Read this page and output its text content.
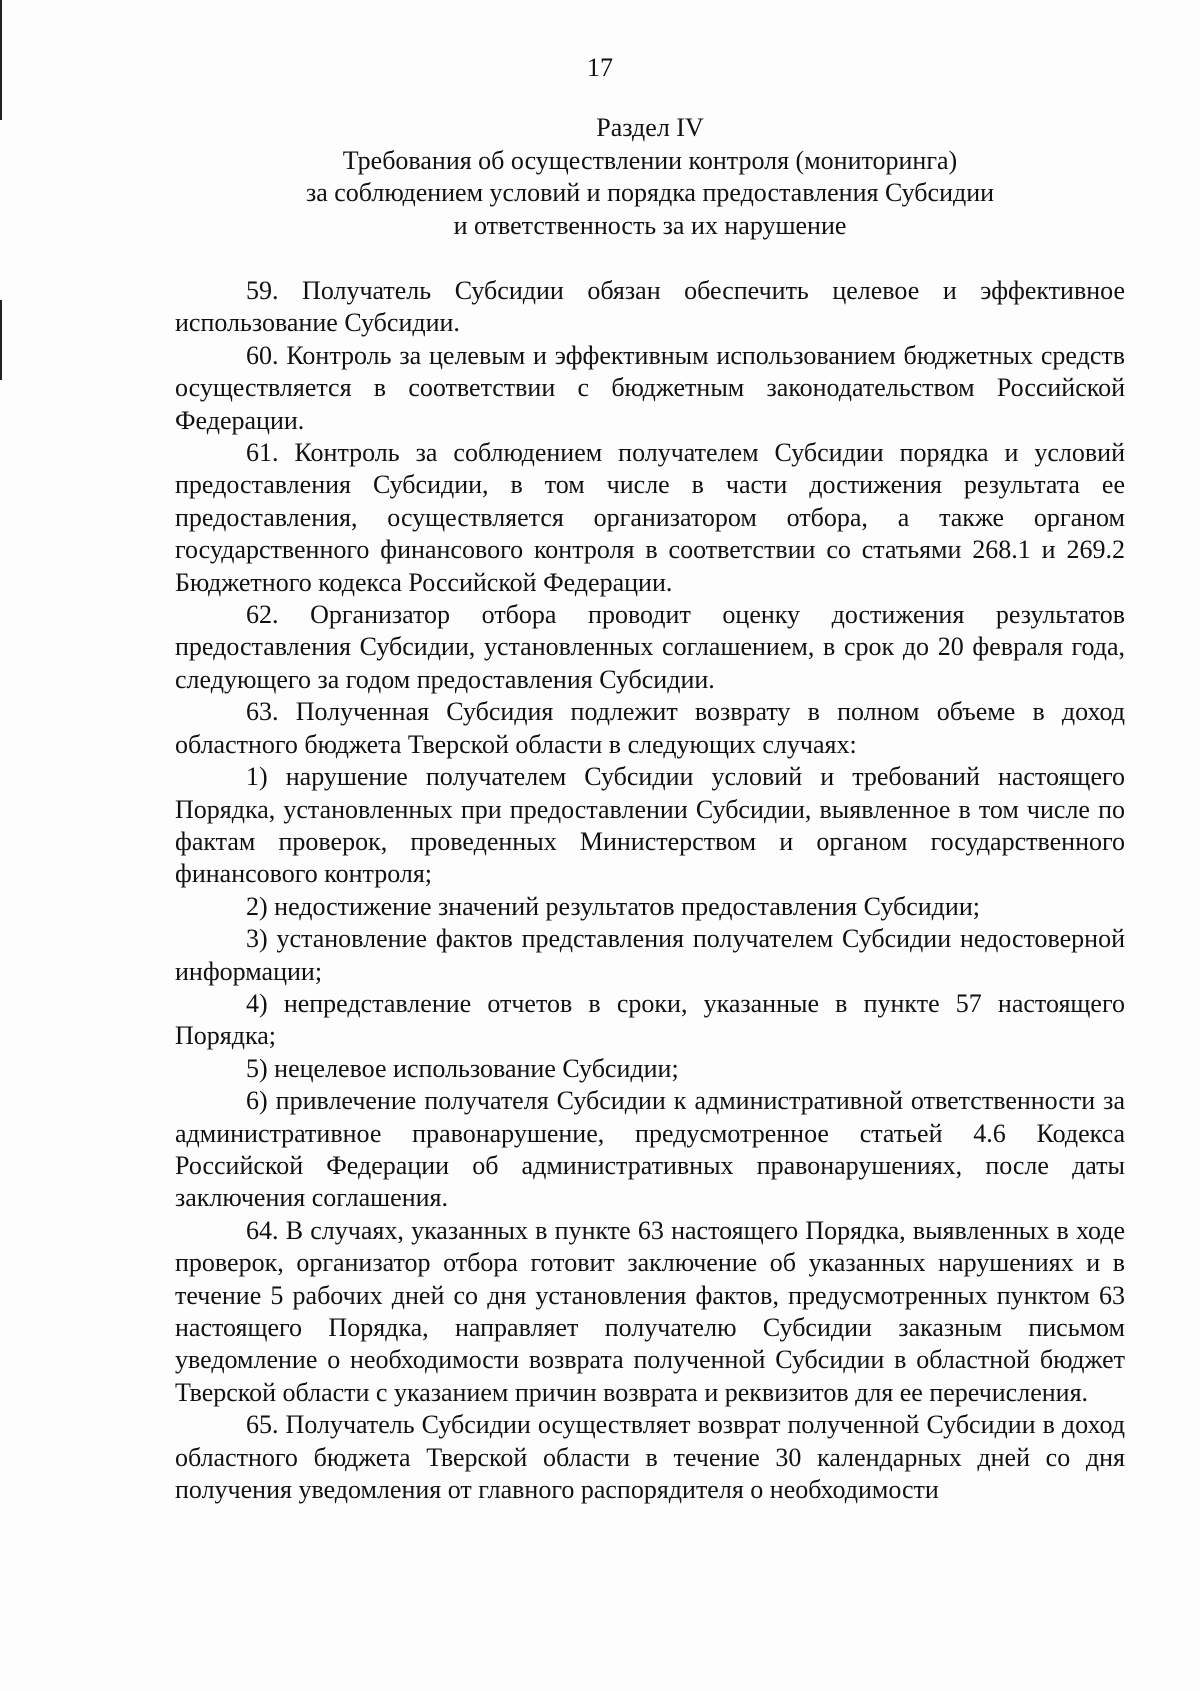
17
Раздел IV
Требования об осуществлении контроля (мониторинга)
за соблюдением условий и порядка предоставления Субсидии
и ответственность за их нарушение

59. Получатель Субсидии обязан обеспечить целевое и эффективное использование Субсидии.

60. Контроль за целевым и эффективным использованием бюджетных средств осуществляется в соответствии с бюджетным законодательством Российской Федерации.

61. Контроль за соблюдением получателем Субсидии порядка и условий предоставления Субсидии, в том числе в части достижения результата ее предоставления, осуществляется организатором отбора, а также органом государственного финансового контроля в соответствии со статьями 268.1 и 269.2 Бюджетного кодекса Российской Федерации.

62. Организатор отбора проводит оценку достижения результатов предоставления Субсидии, установленных соглашением, в срок до 20 февраля года, следующего за годом предоставления Субсидии.

63. Полученная Субсидия подлежит возврату в полном объеме в доход областного бюджета Тверской области в следующих случаях:

1) нарушение получателем Субсидии условий и требований настоящего Порядка, установленных при предоставлении Субсидии, выявленное в том числе по фактам проверок, проведенных Министерством и органом государственного финансового контроля;

2) недостижение значений результатов предоставления Субсидии;

3) установление фактов представления получателем Субсидии недостоверной информации;

4) непредставление отчетов в сроки, указанные в пункте 57 настоящего Порядка;

5) нецелевое использование Субсидии;

6) привлечение получателя Субсидии к административной ответственности за административное правонарушение, предусмотренное статьей 4.6 Кодекса Российской Федерации об административных правонарушениях, после даты заключения соглашения.

64. В случаях, указанных в пункте 63 настоящего Порядка, выявленных в ходе проверок, организатор отбора готовит заключение об указанных нарушениях и в течение 5 рабочих дней со дня установления фактов, предусмотренных пунктом 63 настоящего Порядка, направляет получателю Субсидии заказным письмом уведомление о необходимости возврата полученной Субсидии в областной бюджет Тверской области с указанием причин возврата и реквизитов для ее перечисления.

65. Получатель Субсидии осуществляет возврат полученной Субсидии в доход областного бюджета Тверской области в течение 30 календарных дней со дня получения уведомления от главного распорядителя о необходимости
